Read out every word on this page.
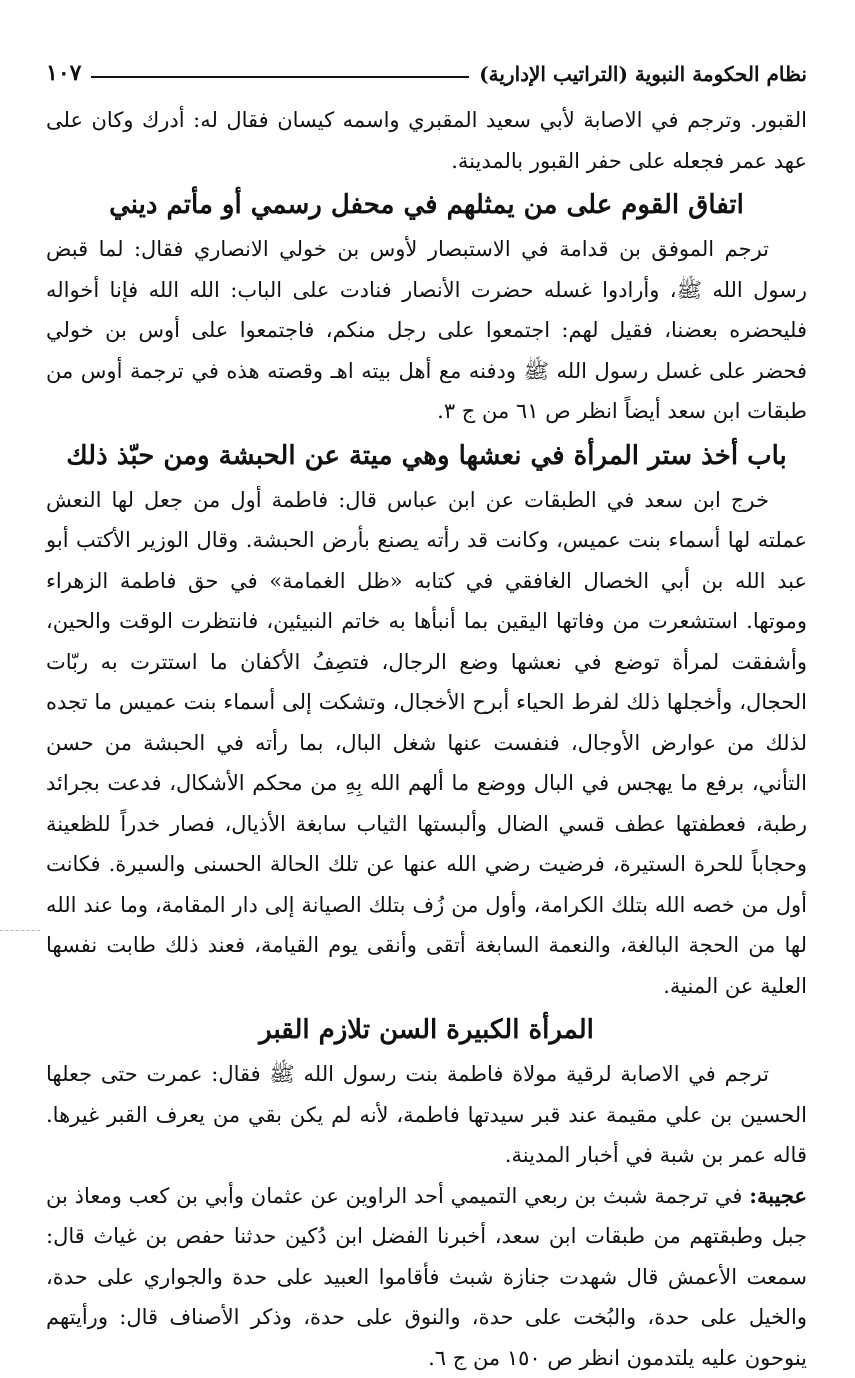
نظام الحكومة النبوية (التراتيب الإدارية)
١٠٧

القبور. وترجم في الاصابة لأبي سعيد المقبري واسمه كيسان فقال له: أدرك وكان على عهد عمر فجعله على حفر القبور بالمدينة.

اتفاق القوم على من يمثلهم في محفل رسمي أو مأتم ديني

ترجم الموفق بن قدامة في الاستبصار لأوس بن خولي الانصاري فقال: لما قبض رسول الله ﷺ، وأرادوا غسله حضرت الأنصار فنادت على الباب: الله الله فإنا أخواله فليحضره بعضنا، فقيل لهم: اجتمعوا على رجل منكم، فاجتمعوا على أوس بن خولي فحضر على غسل رسول الله ﷺ ودفنه مع أهل بيته اهـ وقصته هذه في ترجمة أوس من طبقات ابن سعد أيضاً انظر ص ٦١ من ج ٣.

باب أخذ ستر المرأة في نعشها وهي ميتة عن الحبشة ومن حبّذ ذلك

خرج ابن سعد في الطبقات عن ابن عباس قال: فاطمة أول من جعل لها النعش عملته لها أسماء بنت عميس، وكانت قد رأته يصنع بأرض الحبشة. وقال الوزير الأكتب أبو عبد الله بن أبي الخصال الغافقي في كتابه «ظل الغمامة» في حق فاطمة الزهراء وموتها. استشعرت من وفاتها اليقين بما أنبأها به خاتم النبيئين، فانتظرت الوقت والحين، وأشفقت لمرأة توضع في نعشها وضع الرجال، فتصِفُ الأكفان ما استترت به ربّات الحجال، وأخجلها ذلك لفرط الحياء أبرح الأخجال، وتشكت إلى أسماء بنت عميس ما تجده لذلك من عوارض الأوجال، فنفست عنها شغل البال، بما رأته في الحبشة من حسن التأني، برفع ما يهجس في البال ووضع ما ألهم الله بِهِ من محكم الأشكال، فدعت بجرائد رطبة، فعطفتها عطف قسي الضال وألبستها الثياب سابغة الأذيال، فصار خدراً للظعينة وحجاباً للحرة الستيرة، فرضيت رضي الله عنها عن تلك الحالة الحسنى والسيرة. فكانت أول من خصه الله بتلك الكرامة، وأول من زُف بتلك الصيانة إلى دار المقامة، وما عند الله لها من الحجة البالغة، والنعمة السابغة أتقى وأنقى يوم القيامة، فعند ذلك طابت نفسها العلية عن المنية.

المرأة الكبيرة السن تلازم القبر

ترجم في الاصابة لرقية مولاة فاطمة بنت رسول الله ﷺ فقال: عمرت حتى جعلها الحسين بن علي مقيمة عند قبر سيدتها فاطمة، لأنه لم يكن بقي من يعرف القبر غيرها. قاله عمر بن شبة في أخبار المدينة.

عجيبة: في ترجمة شبث بن ربعي التميمي أحد الراوين عن عثمان وأبي بن كعب ومعاذ بن جبل وطبقتهم من طبقات ابن سعد، أخبرنا الفضل ابن دُكين حدثنا حفص بن غياث قال: سمعت الأعمش قال شهدت جنازة شبث فأقاموا العبيد على حدة والجواري على حدة، والخيل على حدة، والبُخت على حدة، والنوق على حدة، وذكر الأصناف قال: ورأيتهم ينوحون عليه يلتدمون انظر ص ١٥٠ من ج ٦.
